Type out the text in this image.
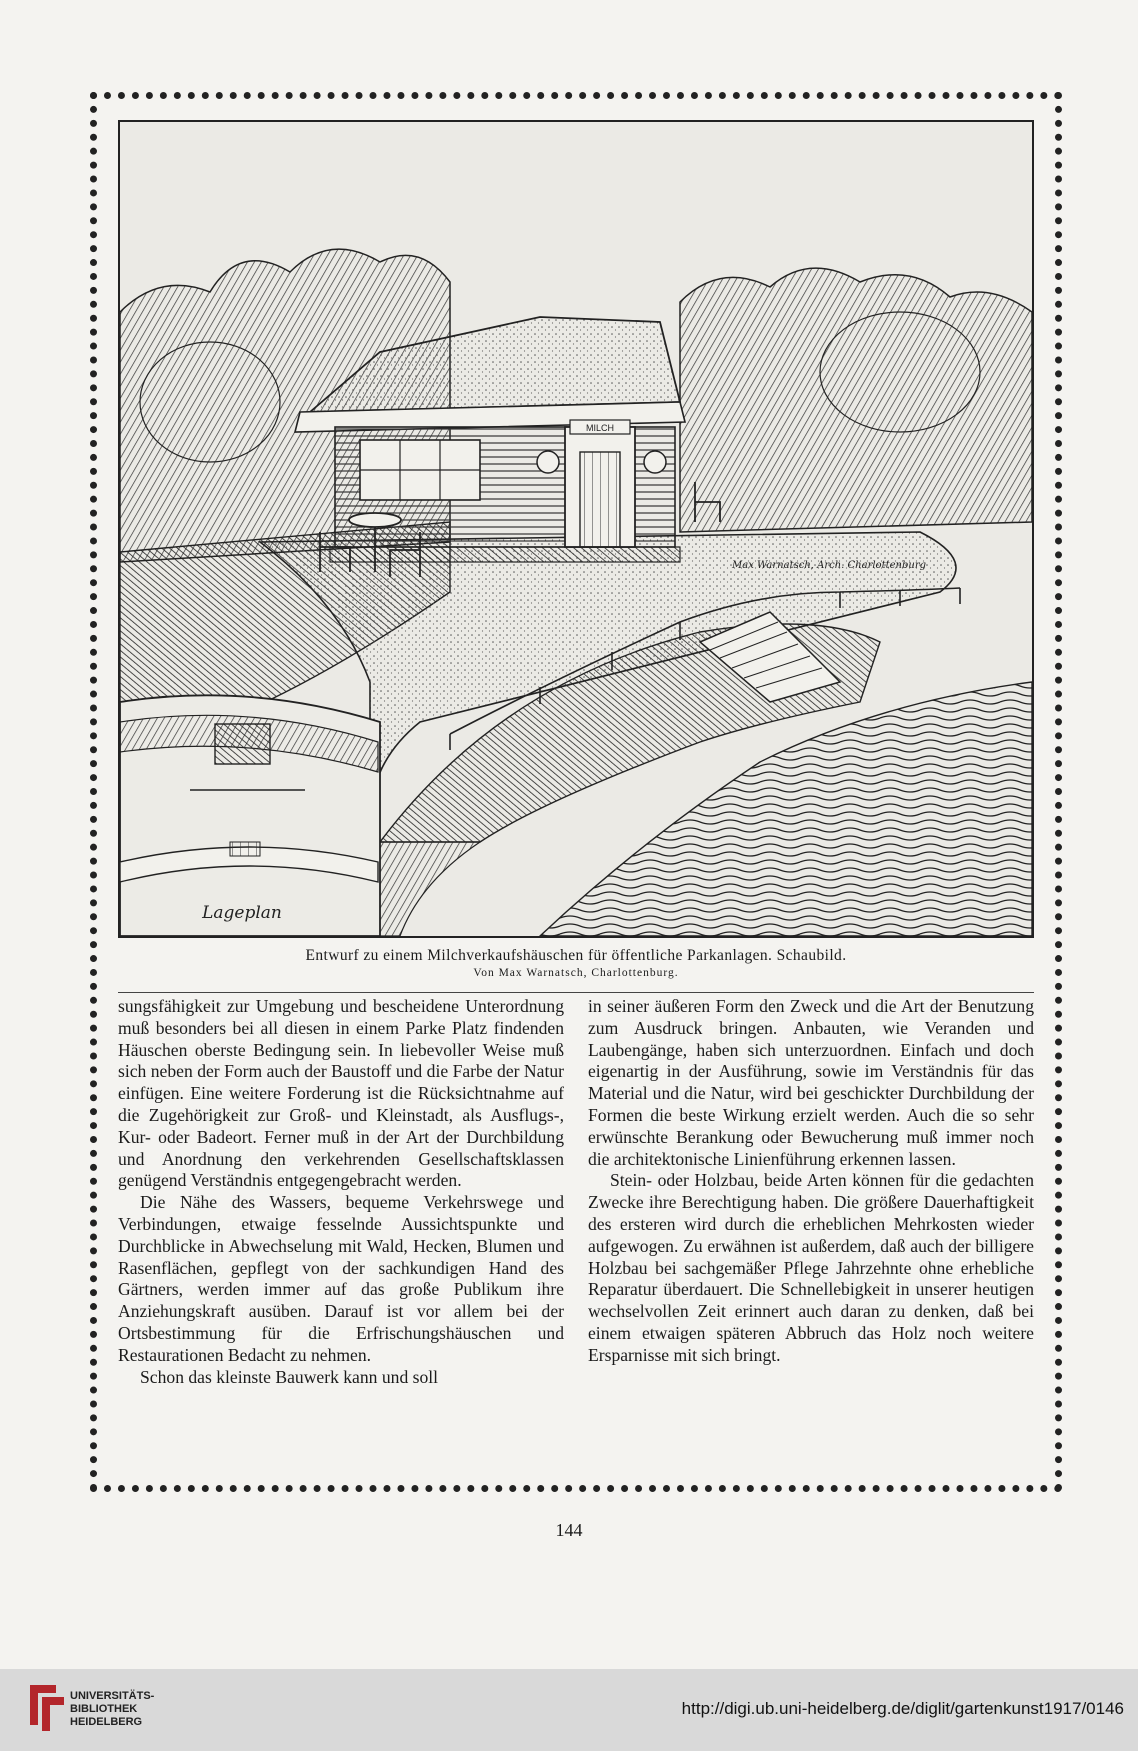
MILCH
Lageplan
Max Warnatsch, Arch. Charlottenburg
Entwurf zu einem Milchverkaufshäuschen für öffentliche Parkanlagen. Schaubild.
Von Max Warnatsch, Charlottenburg.

sungsfähigkeit zur Umgebung und bescheidene Unterordnung muß besonders bei all diesen in einem Parke Platz findenden Häuschen oberste Bedingung sein. In liebevoller Weise muß sich neben der Form auch der Baustoff und die Farbe der Natur einfügen. Eine weitere Forderung ist die Rücksichtnahme auf die Zugehörigkeit zur Groß- und Kleinstadt, als Ausflugs-, Kur- oder Badeort. Ferner muß in der Art der Durchbildung und Anordnung den verkehrenden Gesellschaftsklassen genügend Verständnis entgegengebracht werden.

Die Nähe des Wassers, bequeme Verkehrswege und Verbindungen, etwaige fesselnde Aussichtspunkte und Durchblicke in Abwechselung mit Wald, Hecken, Blumen und Rasenflächen, gepflegt von der sachkundigen Hand des Gärtners, werden immer auf das große Publikum ihre Anziehungskraft ausüben. Darauf ist vor allem bei der Ortsbestimmung für die Erfrischungshäuschen und Restaurationen Bedacht zu nehmen.

Schon das kleinste Bauwerk kann und soll

in seiner äußeren Form den Zweck und die Art der Benutzung zum Ausdruck bringen. Anbauten, wie Veranden und Laubengänge, haben sich unterzuordnen. Einfach und doch eigenartig in der Ausführung, sowie im Verständnis für das Material und die Natur, wird bei geschickter Durchbildung der Formen die beste Wirkung erzielt werden. Auch die so sehr erwünschte Berankung oder Bewucherung muß immer noch die architektonische Linienführung erkennen lassen.

Stein- oder Holzbau, beide Arten können für die gedachten Zwecke ihre Berechtigung haben. Die größere Dauerhaftigkeit des ersteren wird durch die erheblichen Mehrkosten wieder aufgewogen. Zu erwähnen ist außerdem, daß auch der billigere Holzbau bei sachgemäßer Pflege Jahrzehnte ohne erhebliche Reparatur überdauert. Die Schnellebigkeit in unserer heutigen wechselvollen Zeit erinnert auch daran zu denken, daß bei einem etwaigen späteren Abbruch das Holz noch weitere Ersparnisse mit sich bringt.

144
UNIVERSITÄTS-
BIBLIOTHEK
HEIDELBERG
http://digi.ub.uni-heidelberg.de/diglit/gartenkunst1917/0146
